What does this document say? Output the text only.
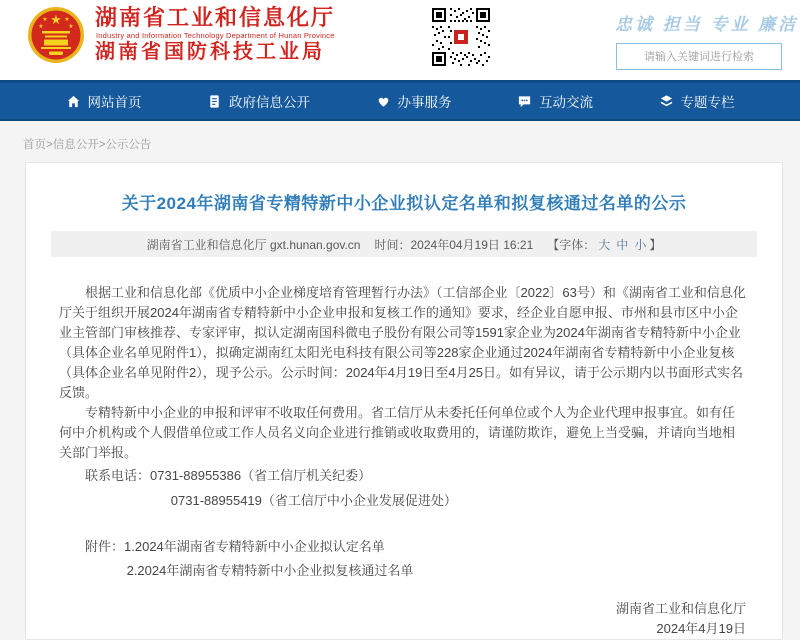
★
★	★
★	★ 湖南省工业和信息化厅
Industry and Information Technology Department of Hunan Province
湖南省国防科技工业局
忠诚 担当 专业 廉洁
请输入关键词进行检索
网站首页	政府信息公开	办事服务	互动交流	专题专栏
首页>信息公开>公示公告
关于2024年湖南省专精特新中小企业拟认定名单和拟复核通过名单的公示
湖南省工业和信息化厅 gxt.hunan.gov.cn 时间：2024年04月19日 16:21 【字体： 大 中 小 】

根据工业和信息化部《优质中小企业梯度培育管理暂行办法》（工信部企业〔2022〕63号）和《湖南省工业和信息化厅关于组织开展2024年湖南省专精特新中小企业申报和复核工作的通知》要求，经企业自愿申报、市州和县市区中小企业主管部门审核推荐、专家评审，拟认定湖南国科微电子股份有限公司等1591家企业为2024年湖南省专精特新中小企业（具体企业名单见附件1），拟确定湖南红太阳光电科技有限公司等228家企业通过2024年湖南省专精特新中小企业复核（具体企业名单见附件2），现予公示。公示时间：2024年4月19日至4月25日。如有异议，请于公示期内以书面形式实名反馈。

专精特新中小企业的申报和评审不收取任何费用。省工信厅从未委托任何单位或个人为企业代理申报事宜。如有任何中介机构或个人假借单位或工作人员名义向企业进行推销或收取费用的，请谨防欺诈，避免上当受骗，并请向当地相关部门举报。

联系电话：0731-88955386（省工信厅机关纪委）
0731-88955419（省工信厅中小企业发展促进处）
附件：1.2024年湖南省专精特新中小企业拟认定名单
2.2024年湖南省专精特新中小企业拟复核通过名单
湖南省工业和信息化厅
2024年4月19日
